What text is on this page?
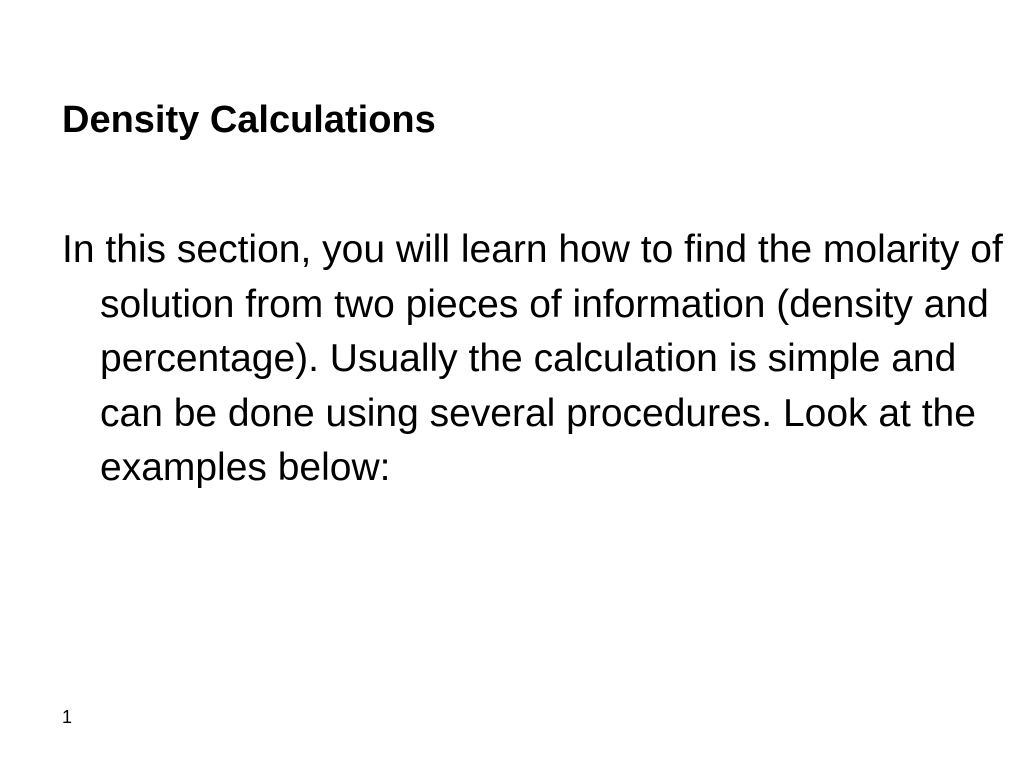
Density Calculations

In this section, you will learn how to find the molarity of solution from two pieces of information (density and percentage). Usually the calculation is simple and can be done using several procedures. Look at the examples below:

1
